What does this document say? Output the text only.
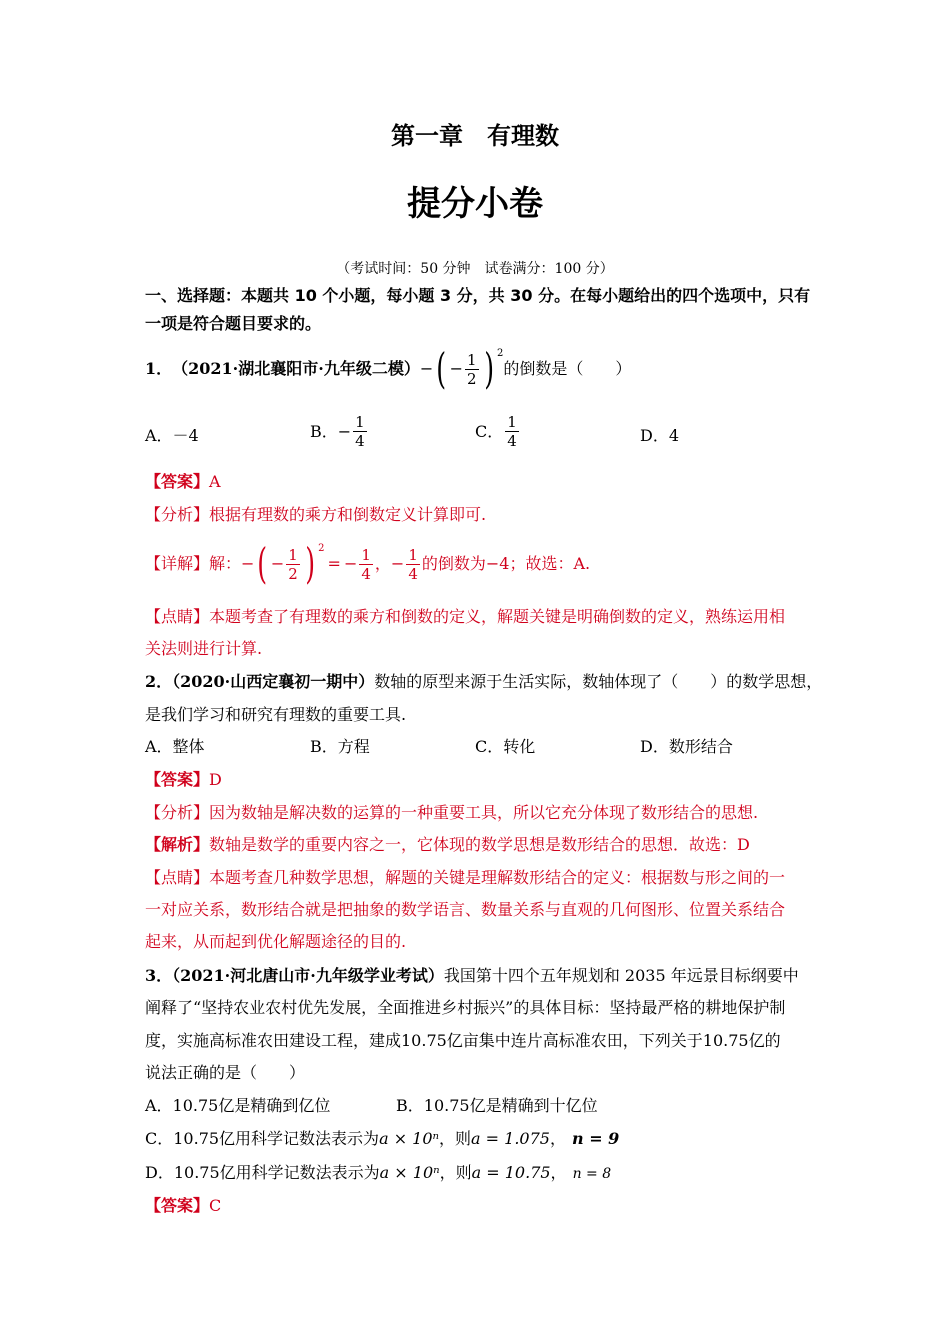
第一章　有理数
提分小卷
（考试时间：50 分钟　试卷满分：100 分）
一、选择题：本题共 10 个小题，每小题 3 分，共 30 分。在每小题给出的四个选项中，只有
一项是符合题目要求的。
1． （2021·湖北襄阳市·九年级二模） − ( − $\frac{1}{2}$ ) 2
的倒数是（　　）
A．－4	B． − $\frac{1}{4}$	C． $\frac{1}{4}$	D．4
【答案】A
【分析】根据有理数的乘方和倒数定义计算即可.
【详解】 解： − ( − $\frac{1}{2}$ ) 2
= − $\frac{1}{4}$ ， − $\frac{1}{4}$ 的倒数为−4；故选：A.
【点睛】本题考查了有理数的乘方和倒数的定义，解题关键是明确倒数的定义，熟练运用相
关法则进行计算.
2．（2020·山西定襄初一期中）数轴的原型来源于生活实际，数轴体现了（　　）的数学思想，
是我们学习和研究有理数的重要工具.
A．整体	B．方程	C．转化	D．数形结合
【答案】D
【分析】因为数轴是解决数的运算的一种重要工具，所以它充分体现了数形结合的思想.
【解析】数轴是数学的重要内容之一，它体现的数学思想是数形结合的思想．故选：D
【点睛】本题考查几种数学思想，解题的关键是理解数形结合的定义：根据数与形之间的一
一对应关系，数形结合就是把抽象的数学语言、数量关系与直观的几何图形、位置关系结合
起来，从而起到优化解题途径的目的.
3．（2021·河北唐山市·九年级学业考试）我国第十四个五年规划和 2035 年远景目标纲要中
阐释了“坚持农业农村优先发展，全面推进乡村振兴”的具体目标：坚持最严格的耕地保护制
度，实施高标准农田建设工程，建成10.75亿亩集中连片高标准农田，下列关于10.75亿的
说法正确的是（　　）
A．10.75亿是精确到亿位	B．10.75亿是精确到十亿位
C．10.75亿用科学记数法表示为a × 10ⁿ，则a = 1.075， n = 9
D．10.75亿用科学记数法表示为a × 10ⁿ，则a = 10.75， n = 8
【答案】C
